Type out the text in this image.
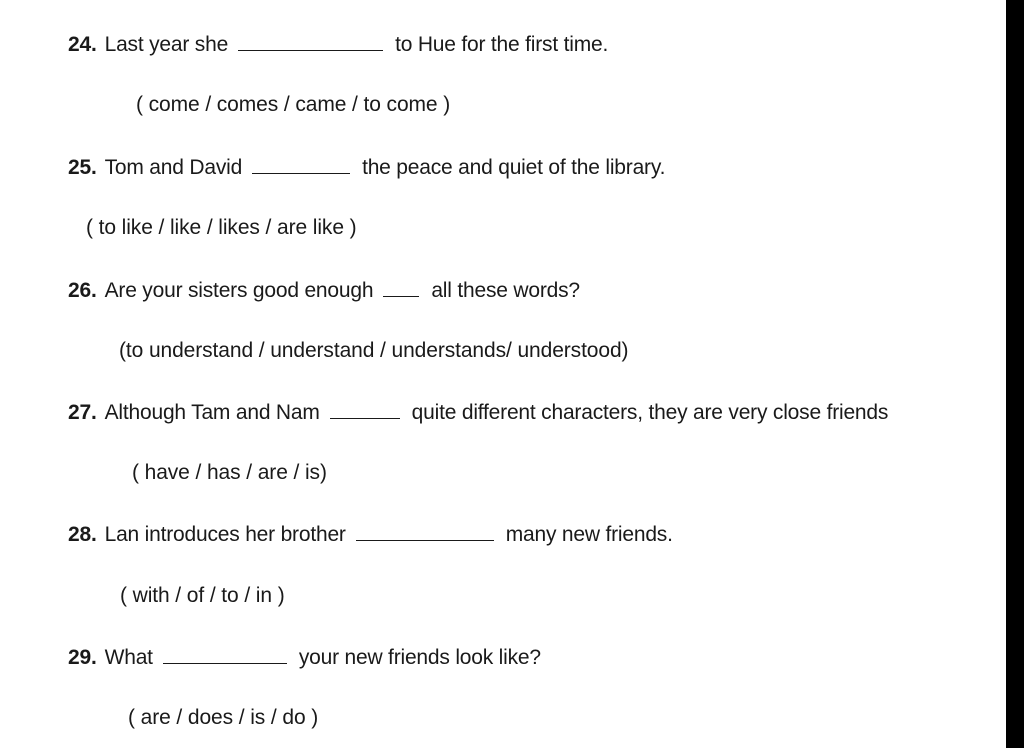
24. Last year she	to Hue for the first time.
( come / comes / came / to come )
25. Tom and David	the peace and quiet of the library.
( to like / like / likes / are like )
26. Are your sisters good enough	all these words?
(to understand / understand / understands/ understood)
27. Although Tam and Nam	quite different characters, they are very close friends
( have / has / are / is)
28. Lan introduces her brother	many new friends.
( with / of / to / in )
29. What	your new friends look like?
( are / does / is / do )
